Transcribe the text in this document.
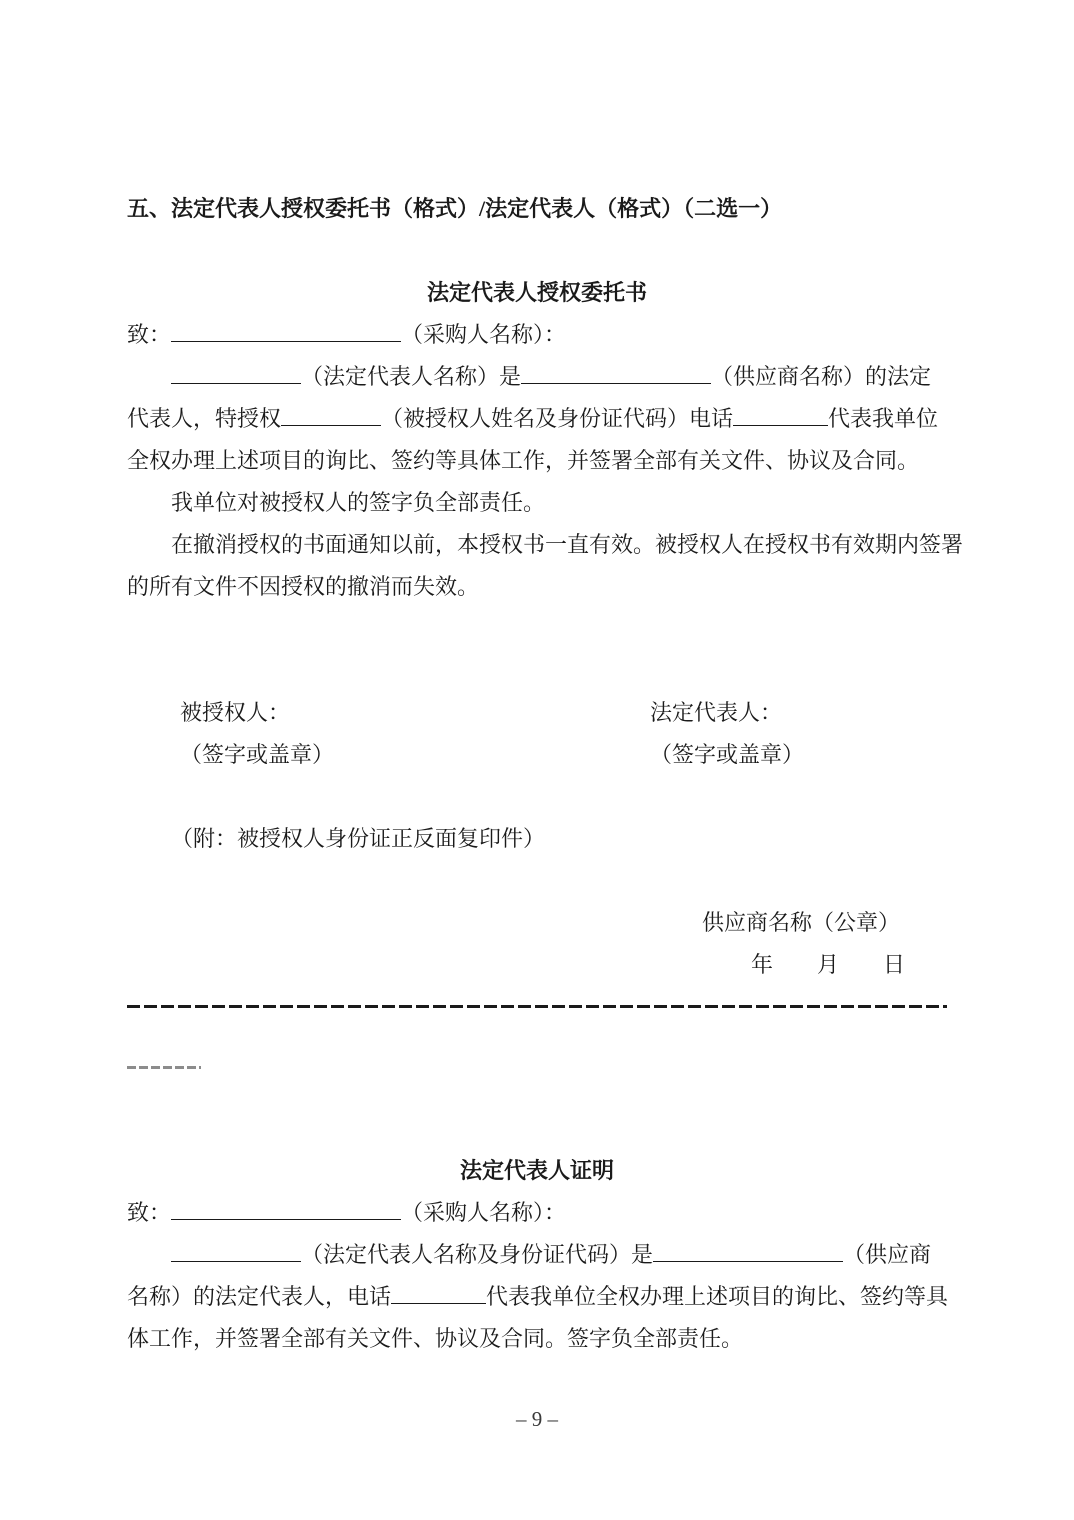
五、法定代表人授权委托书（格式）/法定代表人（格式）（二选一）
法定代表人授权委托书
致：	（采购人名称）：
（法定代表人名称）是	（供应商名称）的法定
代表人，特授权	（被授权人姓名及身份证代码）电话	代表我单位
全权办理上述项目的询比、签约等具体工作，并签署全部有关文件、协议及合同。
我单位对被授权人的签字负全部责任。
在撤消授权的书面通知以前，本授权书一直有效。被授权人在授权书有效期内签署
的所有文件不因授权的撤消而失效。
被授权人：	法定代表人：
（签字或盖章）	（签字或盖章）
（附：被授权人身份证正反面复印件）
供应商名称（公章）
年　　月　　日
法定代表人证明
致：	（采购人名称）：
（法定代表人名称及身份证代码）是	（供应商
名称）的法定代表人，电话	代表我单位全权办理上述项目的询比、签约等具
体工作，并签署全部有关文件、协议及合同。签字负全部责任。
– 9 –
